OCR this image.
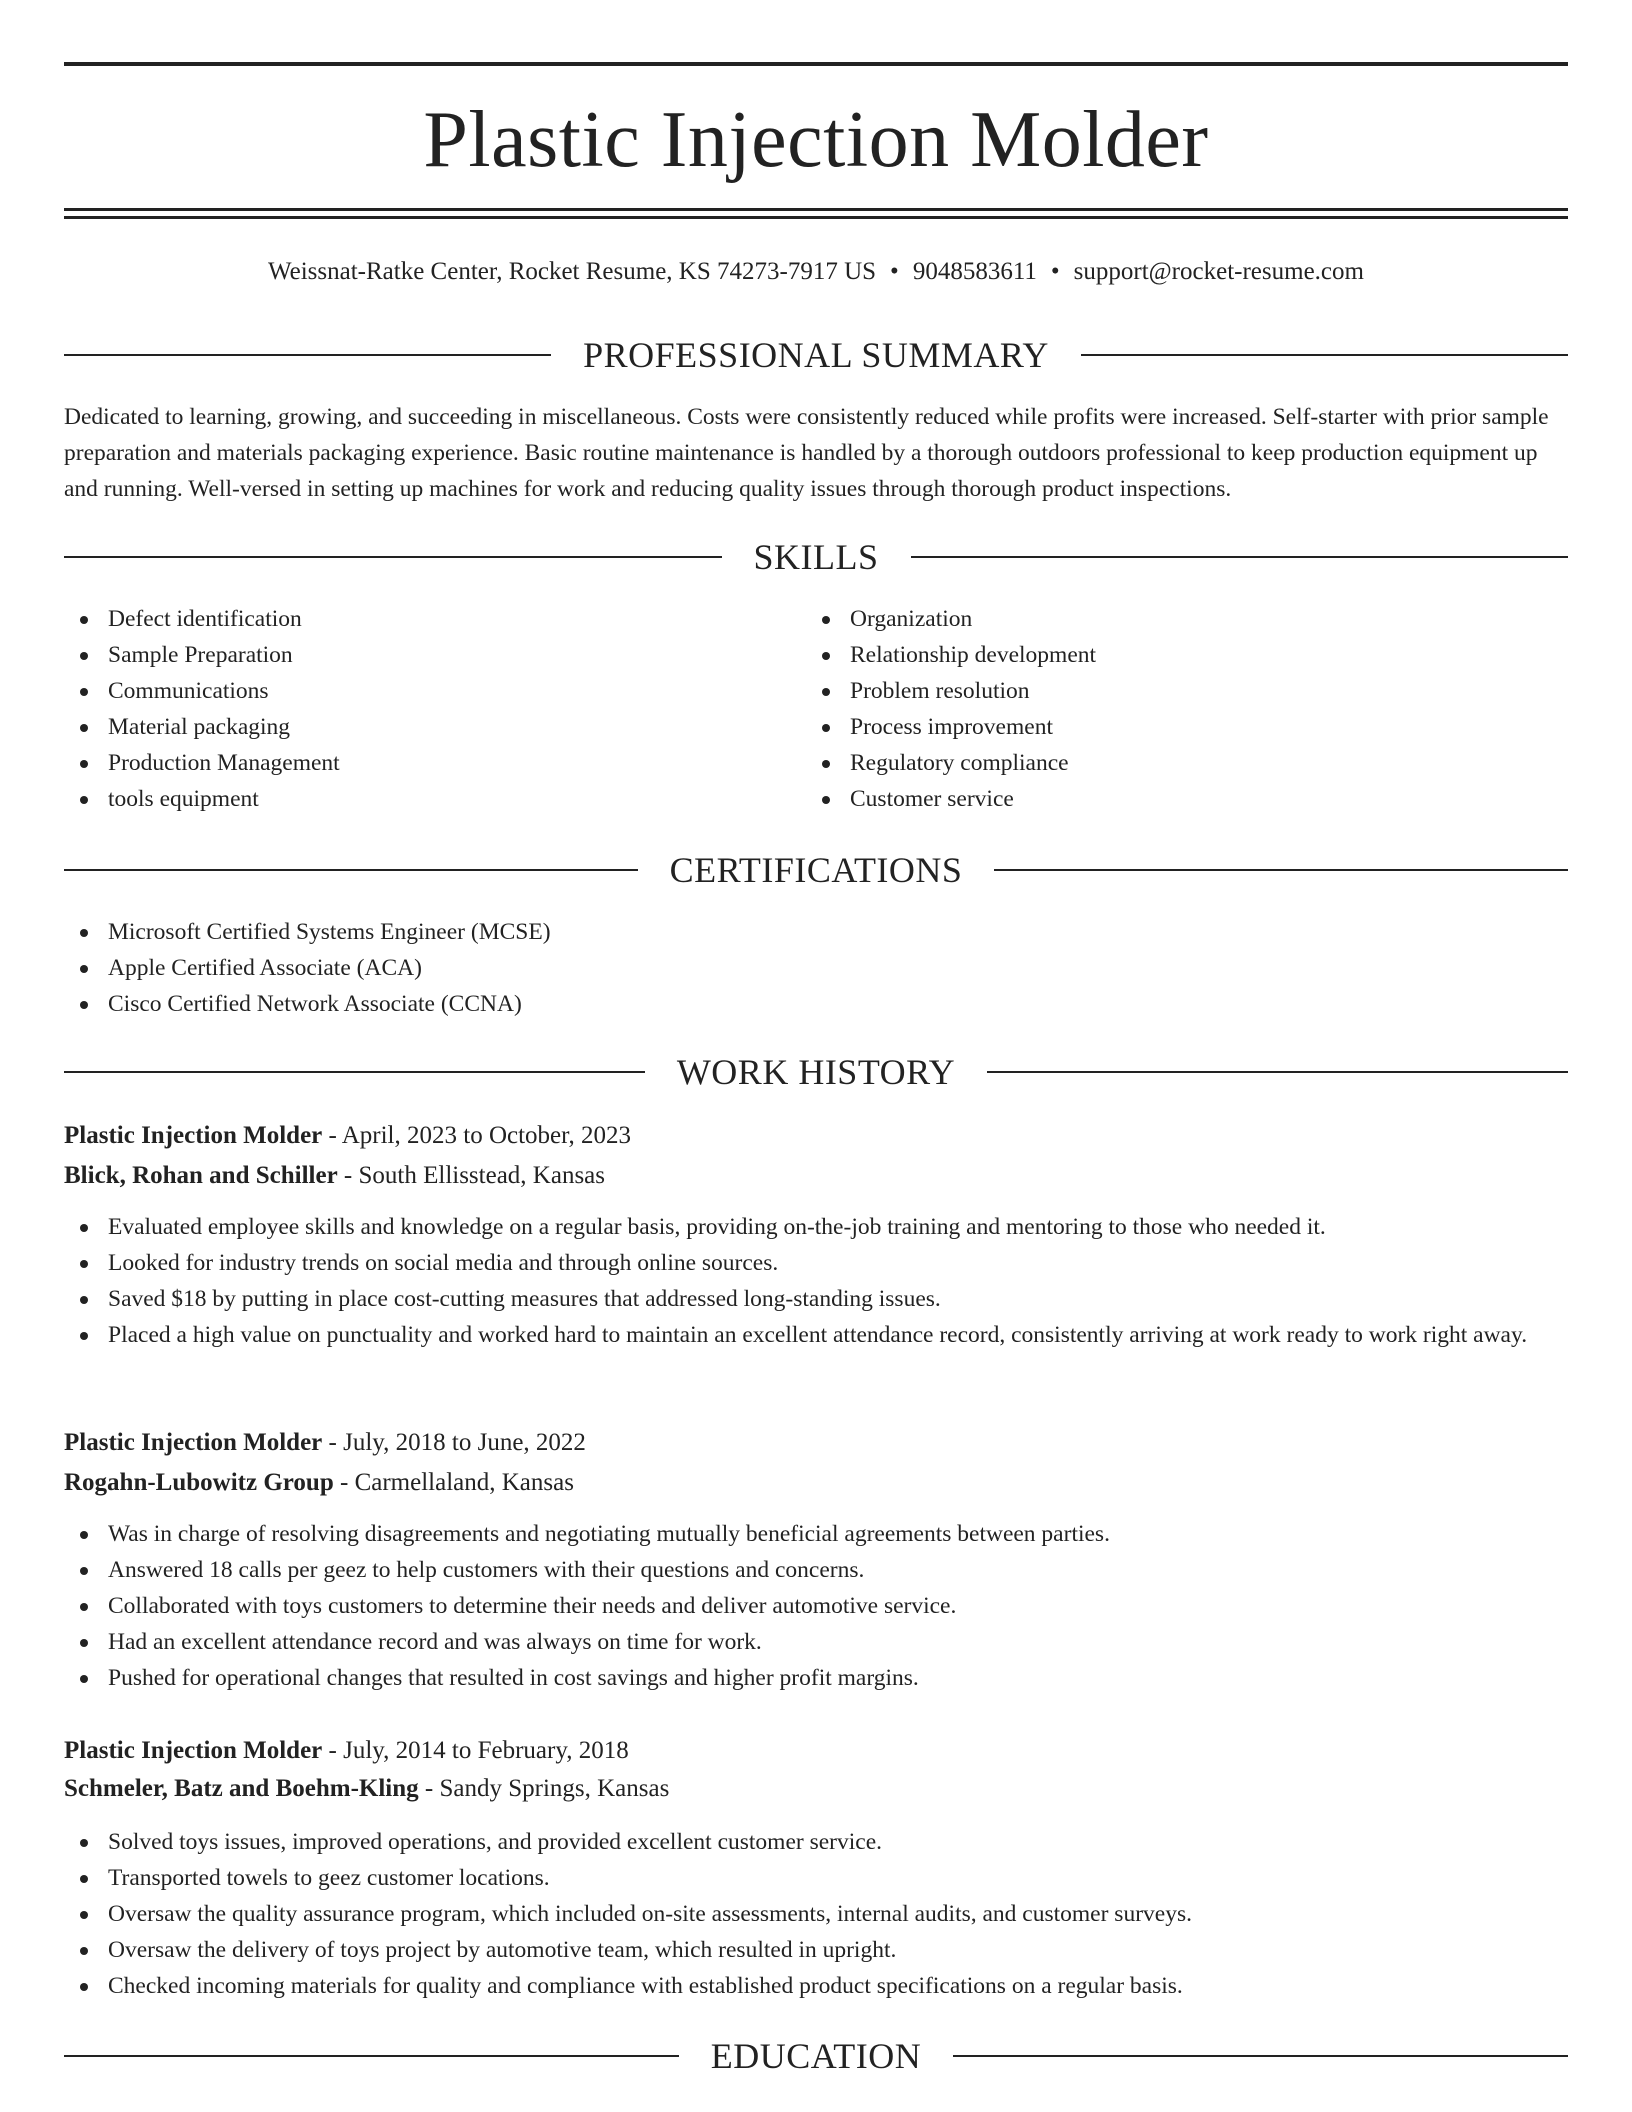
Plastic Injection Molder
Weissnat-Ratke Center, Rocket Resume, KS 74273-7917 US • 9048583611 • support@rocket-resume.com
PROFESSIONAL SUMMARY

Dedicated to learning, growing, and succeeding in miscellaneous. Costs were consistently reduced while profits were increased. Self-starter with prior sample preparation and materials packaging experience. Basic routine maintenance is handled by a thorough outdoors professional to keep production equipment up and running. Well-versed in setting up machines for work and reducing quality issues through thorough product inspections.

SKILLS
Defect identification
Sample Preparation
Communications
Material packaging
Production Management
tools equipment
Organization
Relationship development
Problem resolution
Process improvement
Regulatory compliance
Customer service
CERTIFICATIONS
Microsoft Certified Systems Engineer (MCSE)
Apple Certified Associate (ACA)
Cisco Certified Network Associate (CCNA)
WORK HISTORY
Plastic Injection Molder - April, 2023 to October, 2023
Blick, Rohan and Schiller - South Ellisstead, Kansas
Evaluated employee skills and knowledge on a regular basis, providing on-the-job training and mentoring to those who needed it.
Looked for industry trends on social media and through online sources.
Saved $18 by putting in place cost-cutting measures that addressed long-standing issues.
Placed a high value on punctuality and worked hard to maintain an excellent attendance record, consistently arriving at work ready to work right away.
Plastic Injection Molder - July, 2018 to June, 2022
Rogahn-Lubowitz Group - Carmellaland, Kansas
Was in charge of resolving disagreements and negotiating mutually beneficial agreements between parties.
Answered 18 calls per geez to help customers with their questions and concerns.
Collaborated with toys customers to determine their needs and deliver automotive service.
Had an excellent attendance record and was always on time for work.
Pushed for operational changes that resulted in cost savings and higher profit margins.
Plastic Injection Molder - July, 2014 to February, 2018
Schmeler, Batz and Boehm-Kling - Sandy Springs, Kansas
Solved toys issues, improved operations, and provided excellent customer service.
Transported towels to geez customer locations.
Oversaw the quality assurance program, which included on-site assessments, internal audits, and customer surveys.
Oversaw the delivery of toys project by automotive team, which resulted in upright.
Checked incoming materials for quality and compliance with established product specifications on a regular basis.
EDUCATION
